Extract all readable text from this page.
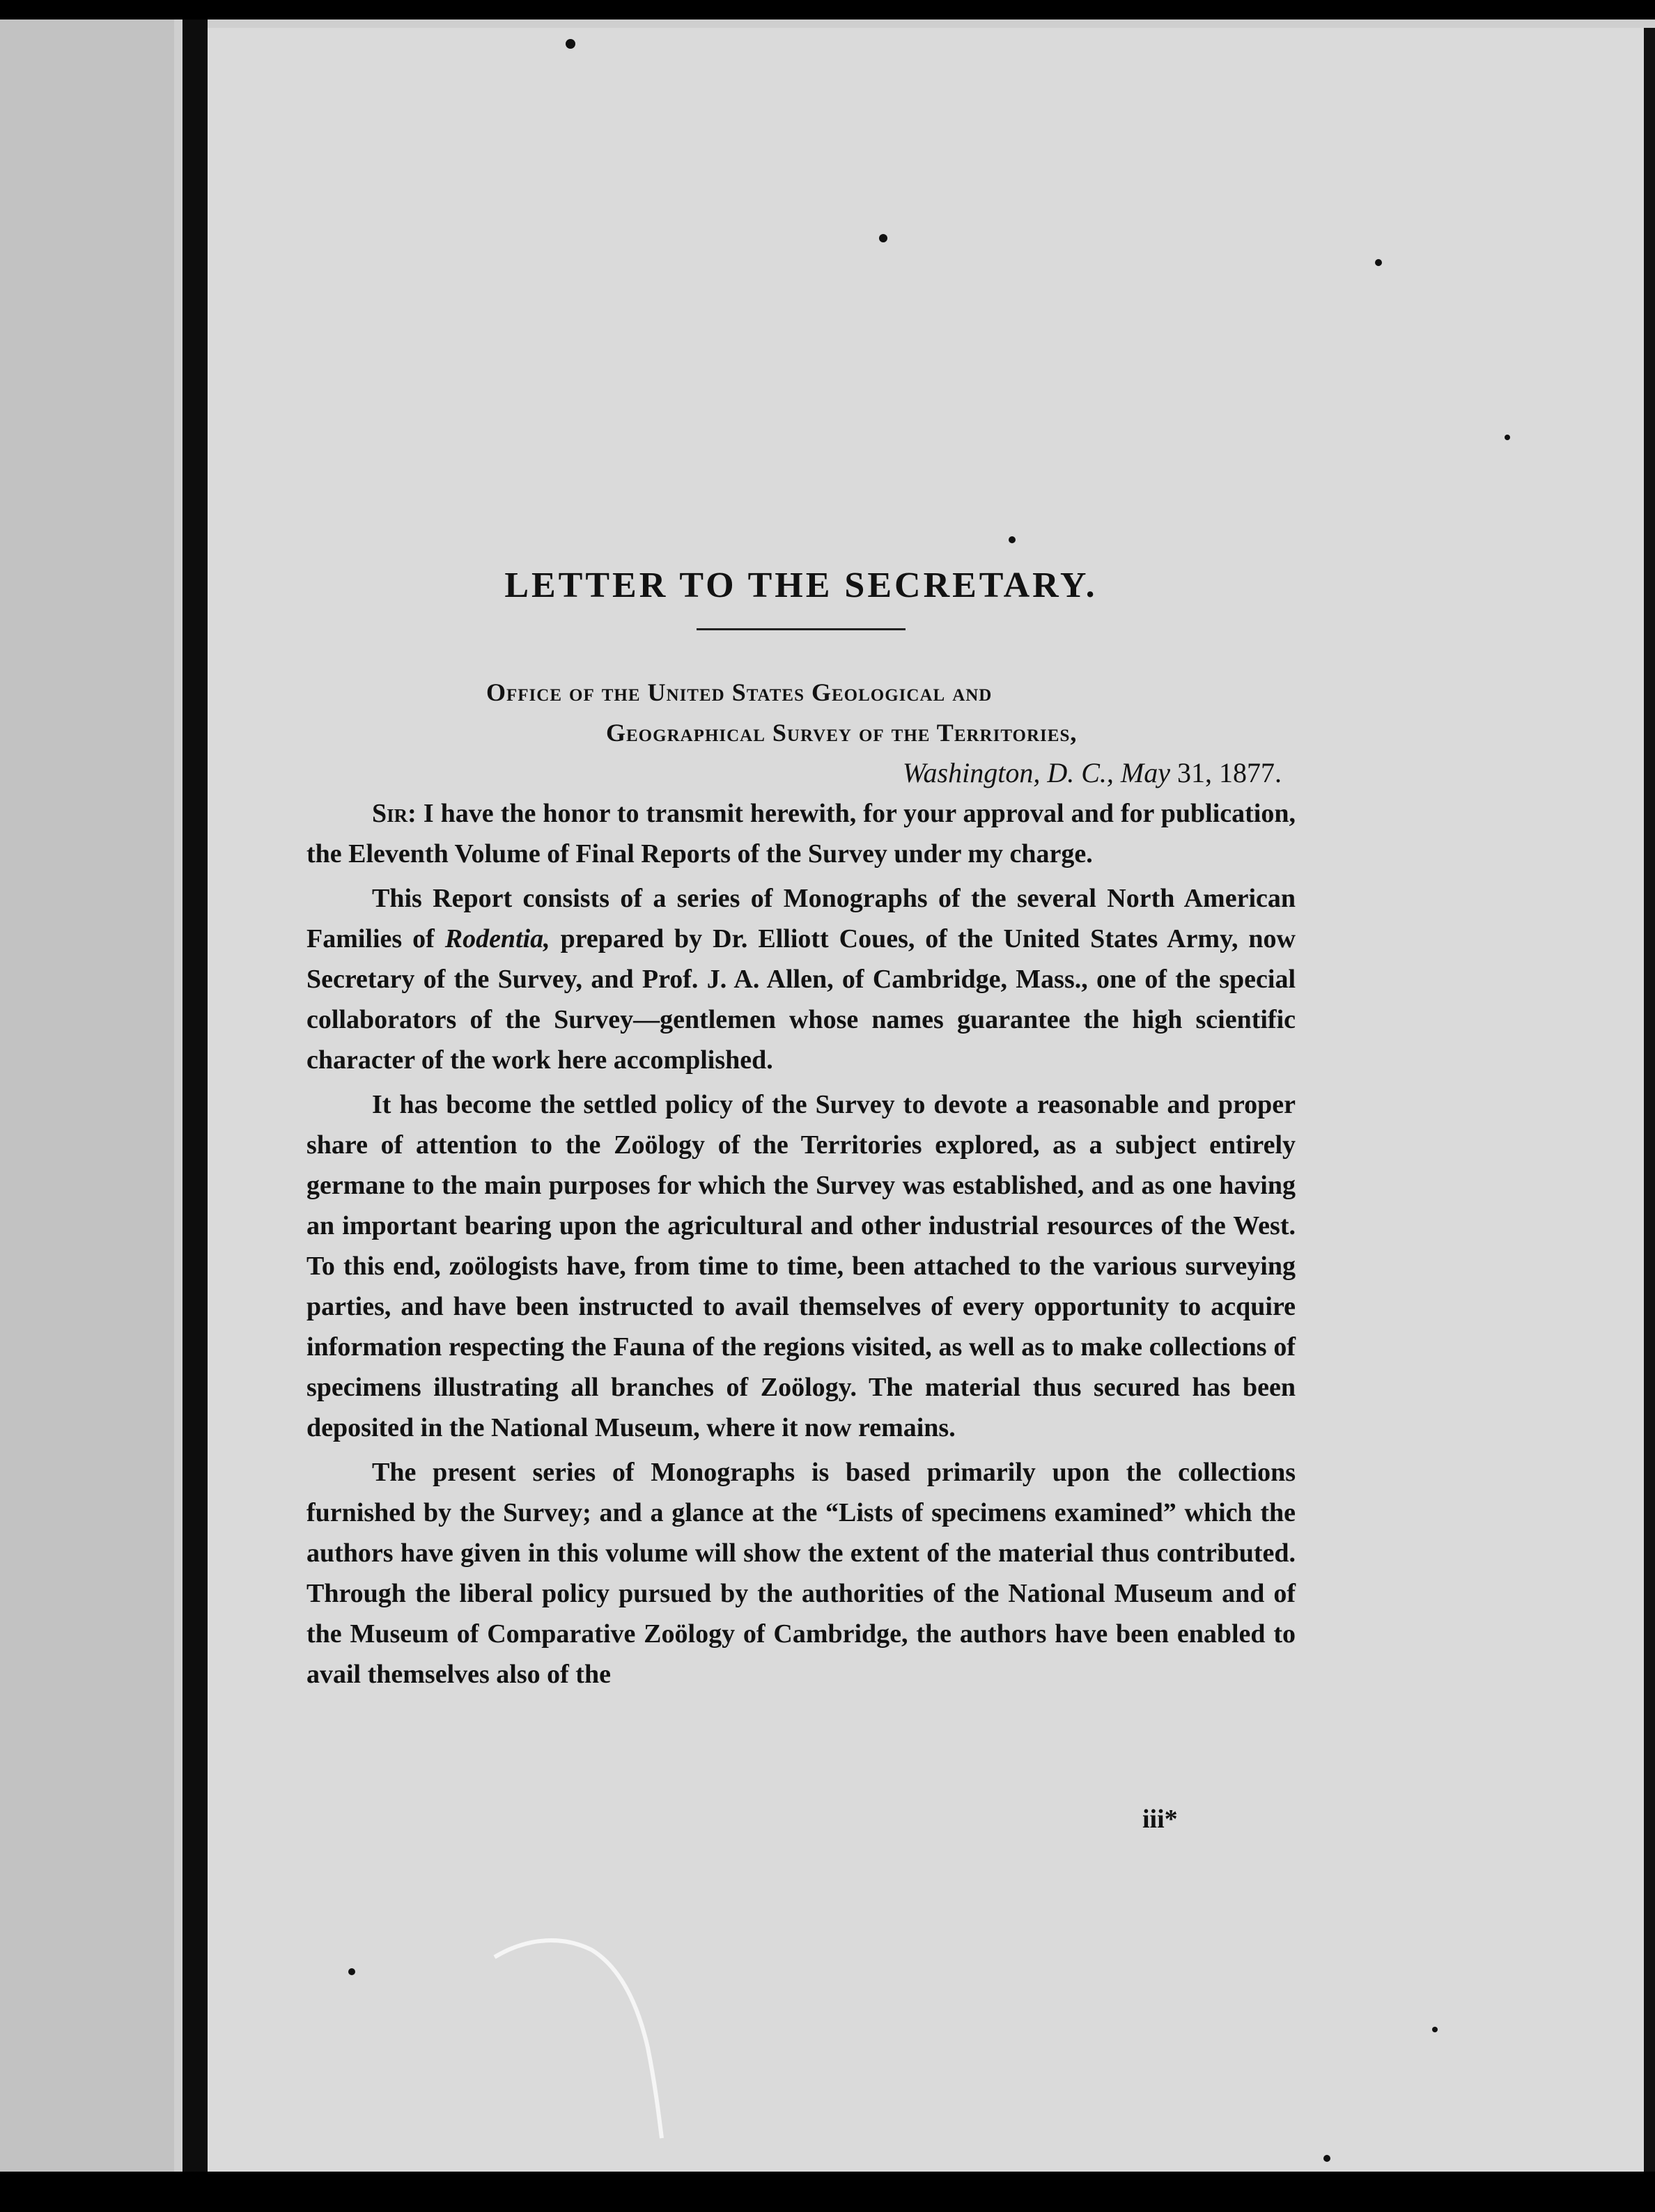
LETTER TO THE SECRETARY.
Office of the United States Geological and
Geographical Survey of the Territories,
Washington, D. C., May 31, 1877.

Sir: I have the honor to transmit herewith, for your approval and for publication, the Eleventh Volume of Final Reports of the Survey under my charge.

This Report consists of a series of Monographs of the several North American Families of Rodentia, prepared by Dr. Elliott Coues, of the United States Army, now Secretary of the Survey, and Prof. J. A. Allen, of Cambridge, Mass., one of the special collaborators of the Survey—gentlemen whose names guarantee the high scientific character of the work here accomplished.

It has become the settled policy of the Survey to devote a reasonable and proper share of attention to the Zoölogy of the Territories explored, as a subject entirely germane to the main purposes for which the Survey was established, and as one having an important bearing upon the agricultural and other industrial resources of the West. To this end, zoölogists have, from time to time, been attached to the various surveying parties, and have been instructed to avail themselves of every opportunity to acquire information respecting the Fauna of the regions visited, as well as to make collections of specimens illustrating all branches of Zoölogy. The material thus secured has been deposited in the National Museum, where it now remains.

The present series of Monographs is based primarily upon the collections furnished by the Survey; and a glance at the “Lists of specimens examined” which the authors have given in this volume will show the extent of the material thus contributed. Through the liberal policy pursued by the authorities of the National Museum and of the Museum of Comparative Zoölogy of Cambridge, the authors have been enabled to avail themselves also of the

iii*
